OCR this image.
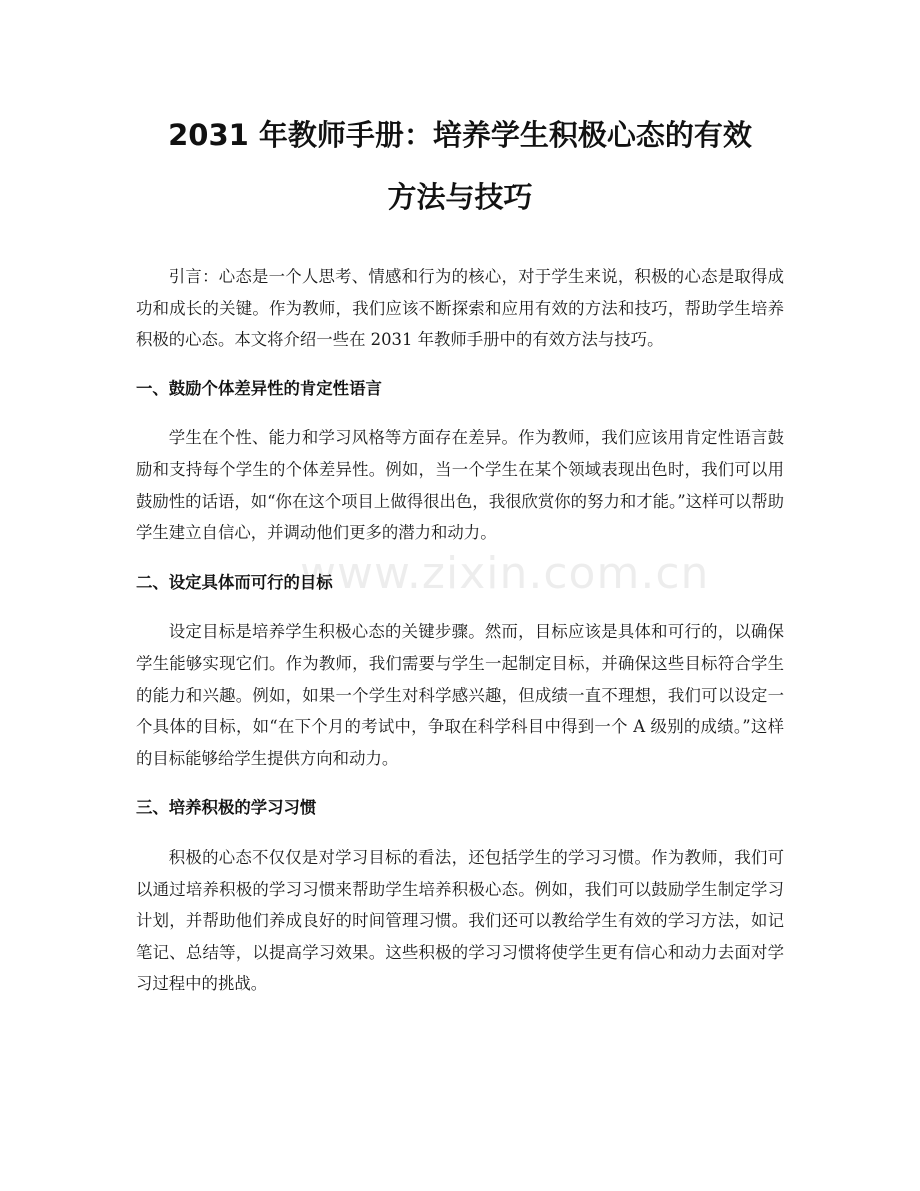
www.zixin.com.cn
2031 年教师手册：培养学生积极心态的有效
方法与技巧

引言：心态是一个人思考、情感和行为的核心，对于学生来说，积极的心态是取得成功和成长的关键。作为教师，我们应该不断探索和应用有效的方法和技巧，帮助学生培养积极的心态。本文将介绍一些在 2031 年教师手册中的有效方法与技巧。

一、鼓励个体差异性的肯定性语言

学生在个性、能力和学习风格等方面存在差异。作为教师，我们应该用肯定性语言鼓励和支持每个学生的个体差异性。例如，当一个学生在某个领域表现出色时，我们可以用鼓励性的话语，如“你在这个项目上做得很出色，我很欣赏你的努力和才能。”这样可以帮助学生建立自信心，并调动他们更多的潜力和动力。

二、设定具体而可行的目标

设定目标是培养学生积极心态的关键步骤。然而，目标应该是具体和可行的，以确保学生能够实现它们。作为教师，我们需要与学生一起制定目标，并确保这些目标符合学生的能力和兴趣。例如，如果一个学生对科学感兴趣，但成绩一直不理想，我们可以设定一个具体的目标，如“在下个月的考试中，争取在科学科目中得到一个 A 级别的成绩。”这样的目标能够给学生提供方向和动力。

三、培养积极的学习习惯

积极的心态不仅仅是对学习目标的看法，还包括学生的学习习惯。作为教师，我们可以通过培养积极的学习习惯来帮助学生培养积极心态。例如，我们可以鼓励学生制定学习计划，并帮助他们养成良好的时间管理习惯。我们还可以教给学生有效的学习方法，如记笔记、总结等，以提高学习效果。这些积极的学习习惯将使学生更有信心和动力去面对学习过程中的挑战。
